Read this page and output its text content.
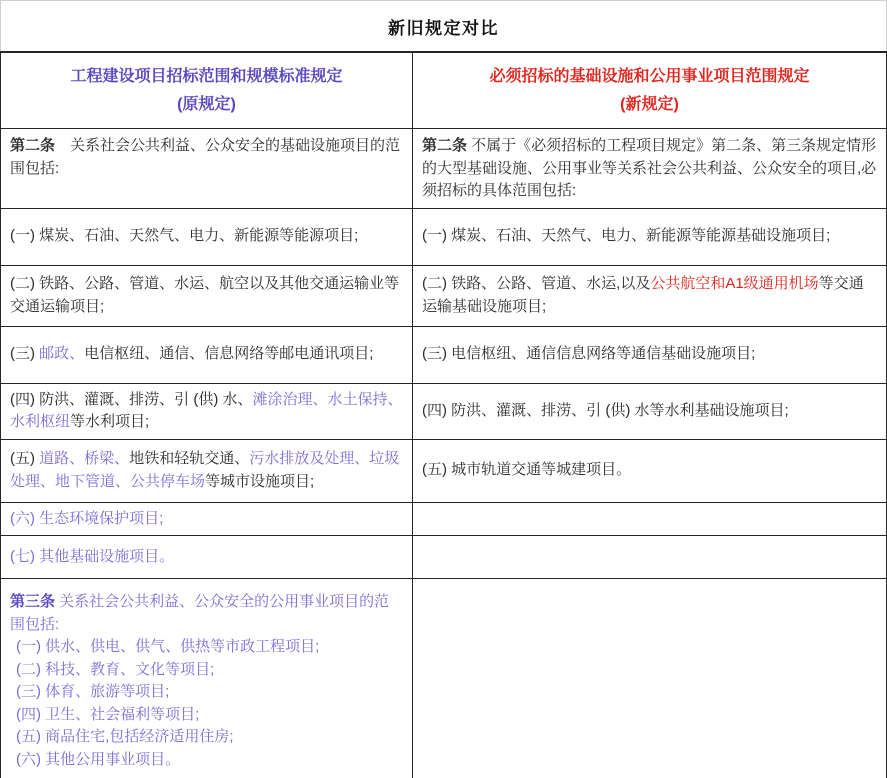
新旧规定对比
工程建设项目招标范围和规模标准规定
(原规定)
必须招标的基础设施和公用事业项目范围规定
(新规定)
第二条　关系社会公共利益、公众安全的基础设施项目的范围包括:
第二条 不属于《必须招标的工程项目规定》第二条、第三条规定情形的大型基础设施、公用事业等关系社会公共利益、公众安全的项目,必须招标的具体范围包括:
(一) 煤炭、石油、天然气、电力、新能源等能源项目;	(一) 煤炭、石油、天然气、电力、新能源等能源基础设施项目;
(二) 铁路、公路、管道、水运、航空以及其他交通运输业等交通运输项目;
(二) 铁路、公路、管道、水运,以及公共航空和A1级通用机场等交通运输基础设施项目;
(三) 邮政、电信枢纽、通信、信息网络等邮电通讯项目;	(三) 电信枢纽、通信信息网络等通信基础设施项目;
(四) 防洪、灌溉、排涝、引 (供) 水、滩涂治理、水土保持、水利枢纽等水利项目;
(四) 防洪、灌溉、排涝、引 (供) 水等水利基础设施项目;
(五) 道路、桥梁、地铁和轻轨交通、污水排放及处理、垃圾处理、地下管道、公共停车场等城市设施项目;
(五) 城市轨道交通等城建项目。
(六) 生态环境保护项目;
(七) 其他基础设施项目。
第三条 关系社会公共利益、公众安全的公用事业项目的范围包括:
(一) 供水、供电、供气、供热等市政工程项目;
(二) 科技、教育、文化等项目;
(三) 体育、旅游等项目;
(四) 卫生、社会福利等项目;
(五) 商品住宅,包括经济适用住房;
(六) 其他公用事业项目。
